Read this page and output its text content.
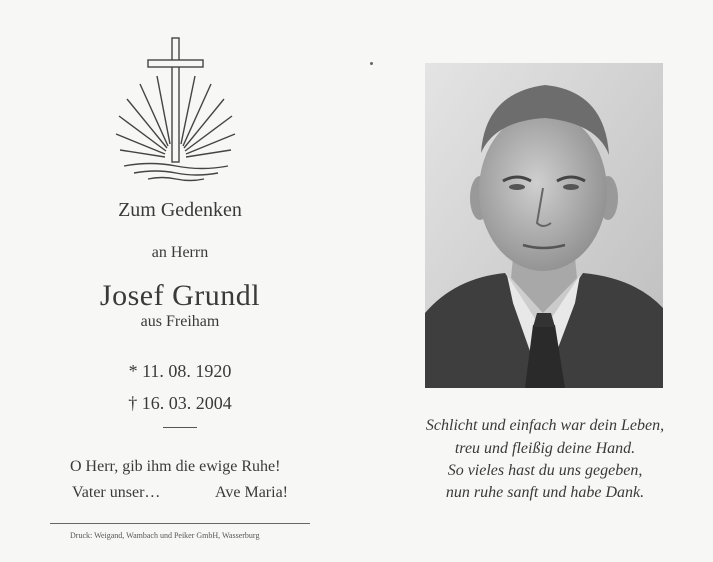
Zum Gedenken
an Herrn
Josef Grundl
aus Freiham
* 11. 08. 1920
† 16. 03. 2004
O Herr, gib ihm die ewige Ruhe!
Vater unser…	Ave Maria!
Druck: Weigand, Wambach und Peiker GmbH, Wasserburg
Schlicht und einfach war dein Leben,
treu und fleißig deine Hand.
So vieles hast du uns gegeben,
nun ruhe sanft und habe Dank.
